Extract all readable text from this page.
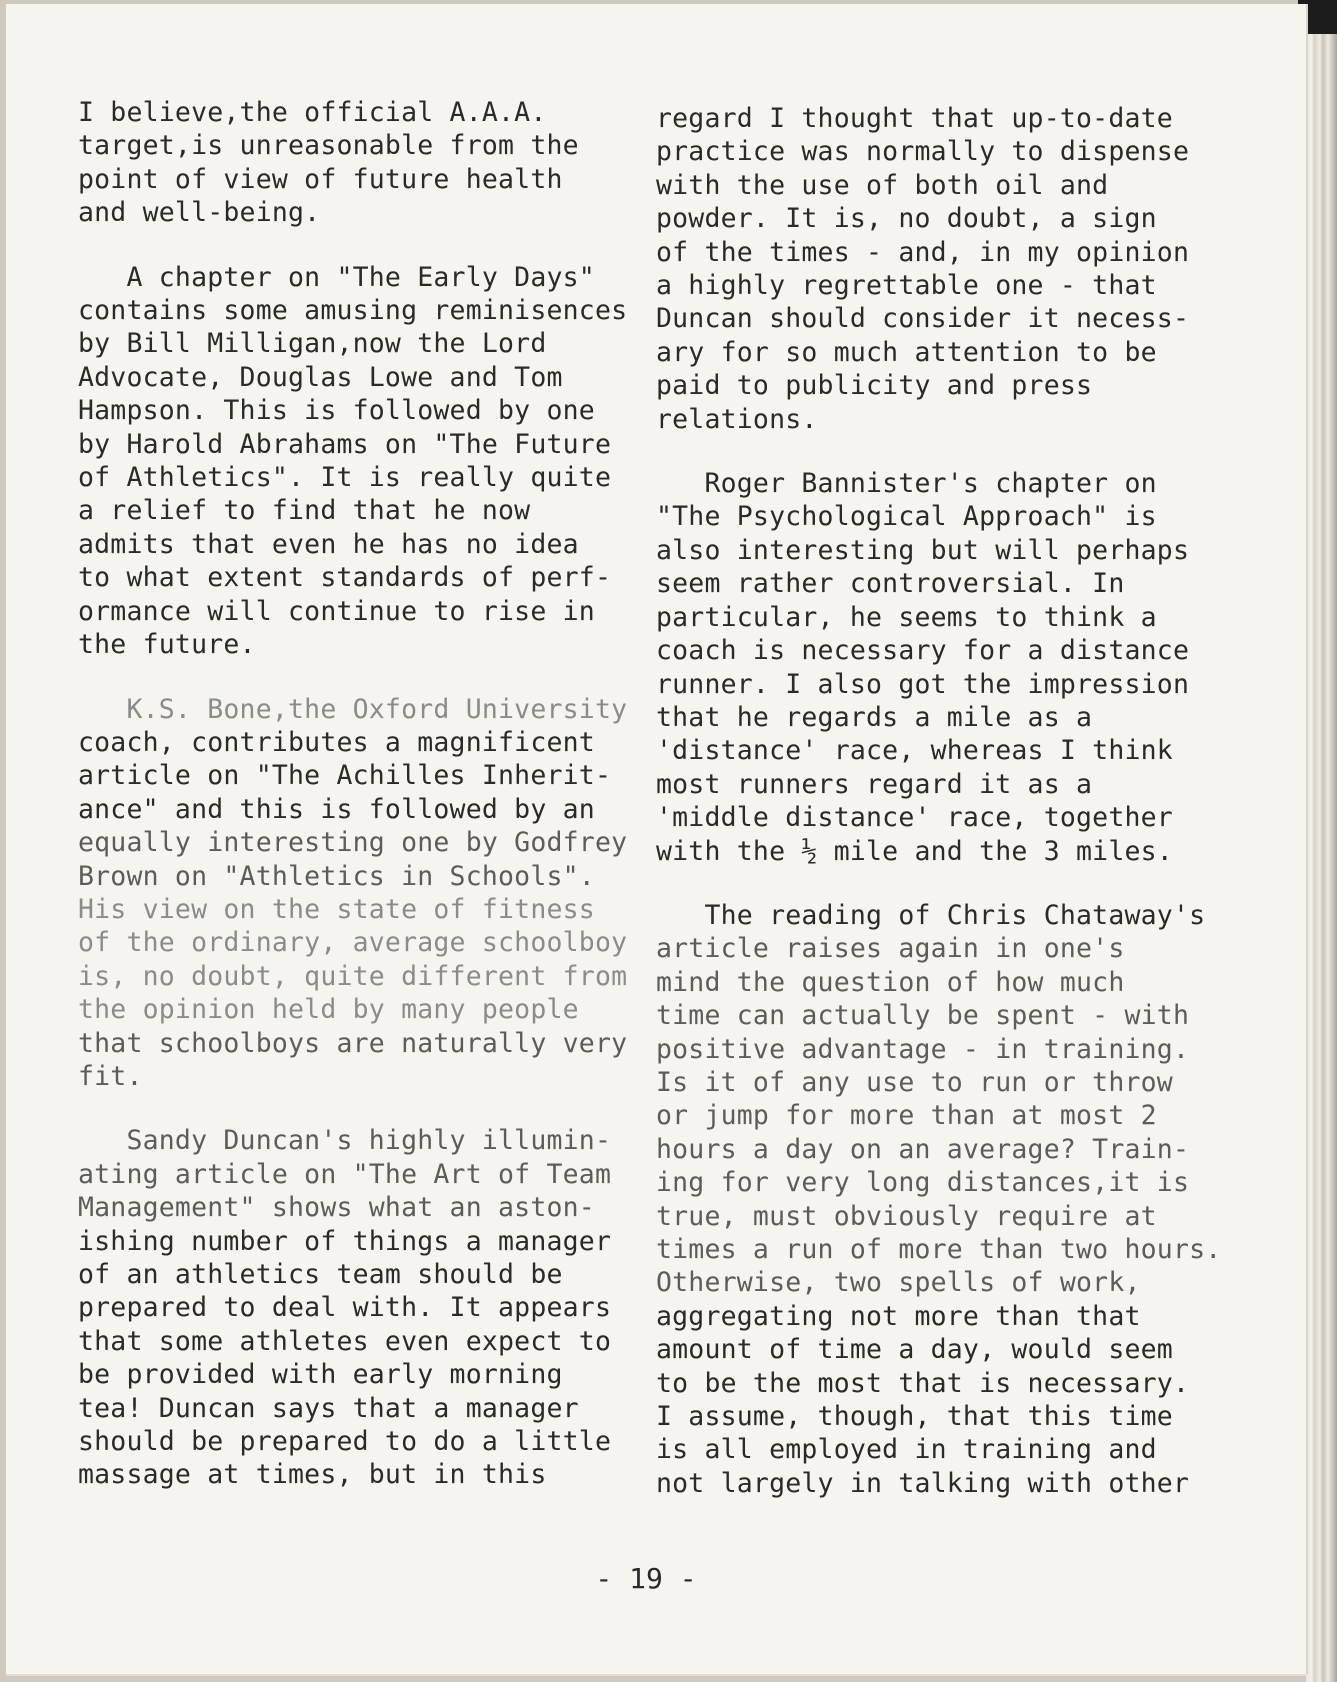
I believe,the official A.A.A.
target,is unreasonable from the
point of view of future health
and well-being.
A chapter on "The Early Days"
contains some amusing reminisences
by Bill Milligan,now the Lord
Advocate, Douglas Lowe and Tom
Hampson. This is followed by one
by Harold Abrahams on "The Future
of Athletics". It is really quite
a relief to find that he now
admits that even he has no idea
to what extent standards of perf-
ormance will continue to rise in
the future.
K.S. Bone,the Oxford University
coach, contributes a magnificent
article on "The Achilles Inherit-
ance" and this is followed by an
equally interesting one by Godfrey
Brown on "Athletics in Schools".
His view on the state of fitness
of the ordinary, average schoolboy
is, no doubt, quite different from
the opinion held by many people
that schoolboys are naturally very
fit.
Sandy Duncan's highly illumin-
ating article on "The Art of Team
Management" shows what an aston-
ishing number of things a manager
of an athletics team should be
prepared to deal with. It appears
that some athletes even expect to
be provided with early morning
tea! Duncan says that a manager
should be prepared to do a little
massage at times, but in this
regard I thought that up-to-date
practice was normally to dispense
with the use of both oil and
powder. It is, no doubt, a sign
of the times - and, in my opinion
a highly regrettable one - that
Duncan should consider it necess-
ary for so much attention to be
paid to publicity and press
relations.
Roger Bannister's chapter on
"The Psychological Approach" is
also interesting but will perhaps
seem rather controversial. In
particular, he seems to think a
coach is necessary for a distance
runner. I also got the impression
that he regards a mile as a
'distance' race, whereas I think
most runners regard it as a
'middle distance' race, together
with the ½ mile and the 3 miles.
The reading of Chris Chataway's
article raises again in one's
mind the question of how much
time can actually be spent - with
positive advantage - in training.
Is it of any use to run or throw
or jump for more than at most 2
hours a day on an average? Train-
ing for very long distances,it is
true, must obviously require at
times a run of more than two hours.
Otherwise, two spells of work,
aggregating not more than that
amount of time a day, would seem
to be the most that is necessary.
I assume, though, that this time
is all employed in training and
not largely in talking with other
- 19 -
